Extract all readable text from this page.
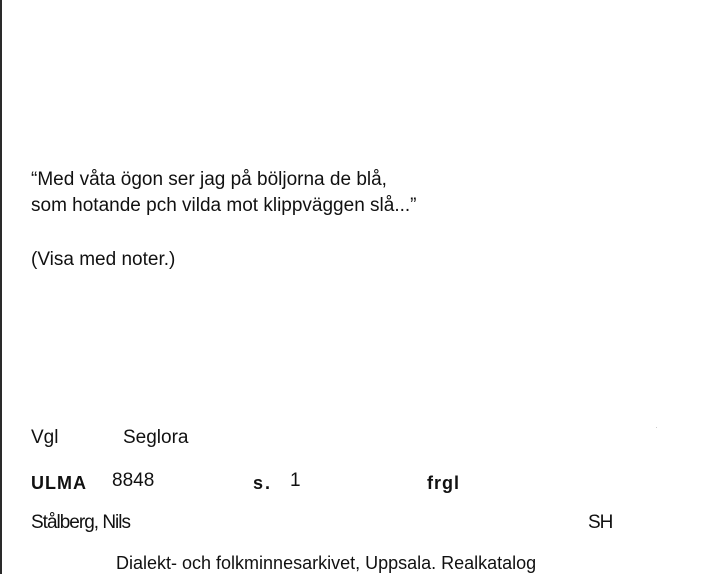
“Med våta ögon ser jag på böljorna de blå,
som hotande pch vilda mot klippväggen slå...”
(Visa med noter.)
Vgl	Seglora
ULMA 8848	s. 1	frgl
Stålberg, Nils	SH
Dialekt- och folkminnesarkivet, Uppsala. Realkatalog
